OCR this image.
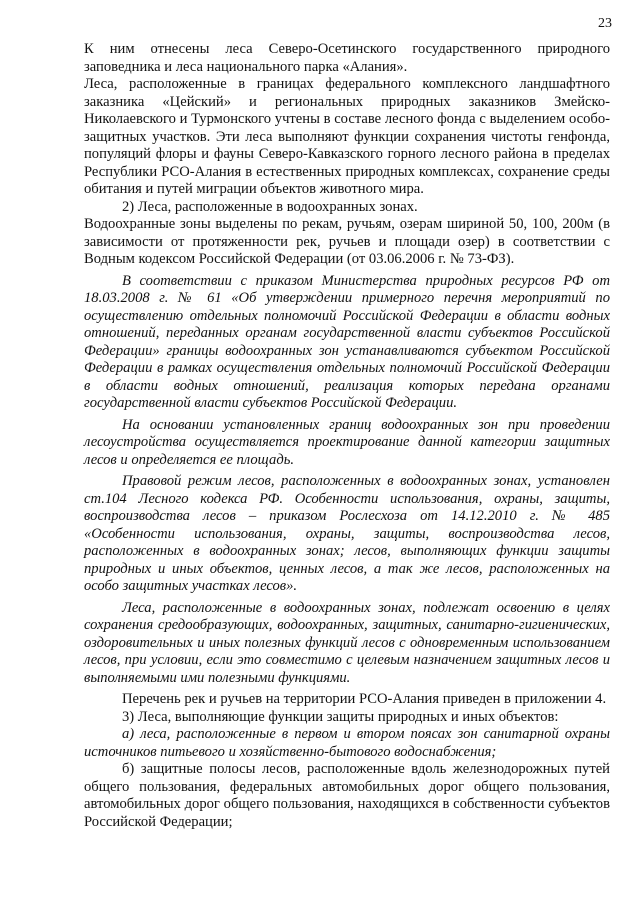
23

К ним отнесены леса Северо-Осетинского государственного природного заповедника и леса национального парка «Алания».

Леса, расположенные в границах федерального комплексного ландшафтного заказника «Цейский» и региональных природных заказников Змейско-Николаевского и Турмонского учтены в составе лесного фонда с выделением особо-защитных участков. Эти леса выполняют функции сохранения чистоты генфонда, популяций флоры и фауны Северо-Кавказского горного лесного района в пределах Республики РСО-Алания в естественных природных комплексах, сохранение среды обитания и путей миграции объектов животного мира.

2) Леса, расположенные в водоохранных зонах.

Водоохранные зоны выделены по рекам, ручьям, озерам шириной 50, 100, 200м (в зависимости от протяженности рек, ручьев и площади озер) в соответствии с Водным кодексом Российской Федерации (от 03.06.2006 г. № 73-ФЗ).

В соответствии с приказом Министерства природных ресурсов РФ от 18.03.2008 г. № 61 «Об утверждении примерного перечня мероприятий по осуществлению отдельных полномочий Российской Федерации в области водных отношений, переданных органам государственной власти субъектов Российской Федерации» границы водоохранных зон устанавливаются субъектом Российской Федерации в рамках осуществления отдельных полномочий Российской Федерации в области водных отношений, реализация которых передана органами государственной власти субъектов Российской Федерации.

На основании установленных границ водоохранных зон при проведении лесоустройства осуществляется проектирование данной категории защитных лесов и определяется ее площадь.

Правовой режим лесов, расположенных в водоохранных зонах, установлен ст.104 Лесного кодекса РФ. Особенности использования, охраны, защиты, воспроизводства лесов – приказом Рослесхоза от 14.12.2010 г. № 485 «Особенности использования, охраны, защиты, воспроизводства лесов, расположенных в водоохранных зонах; лесов, выполняющих функции защиты природных и иных объектов, ценных лесов, а так же лесов, расположенных на особо защитных участках лесов».

Леса, расположенные в водоохранных зонах, подлежат освоению в целях сохранения средообразующих, водоохранных, защитных, санитарно-гигиенических, оздоровительных и иных полезных функций лесов с одновременным использованием лесов, при условии, если это совместимо с целевым назначением защитных лесов и выполняемыми ими полезными функциями.

Перечень рек и ручьев на территории РСО-Алания приведен в приложении 4.

3) Леса, выполняющие функции защиты природных и иных объектов:

а) леса, расположенные в первом и втором поясах зон санитарной охраны источников питьевого и хозяйственно-бытового водоснабжения;

б) защитные полосы лесов, расположенные вдоль железнодорожных путей общего пользования, федеральных автомобильных дорог общего пользования, автомобильных дорог общего пользования, находящихся в собственности субъектов Российской Федерации;
